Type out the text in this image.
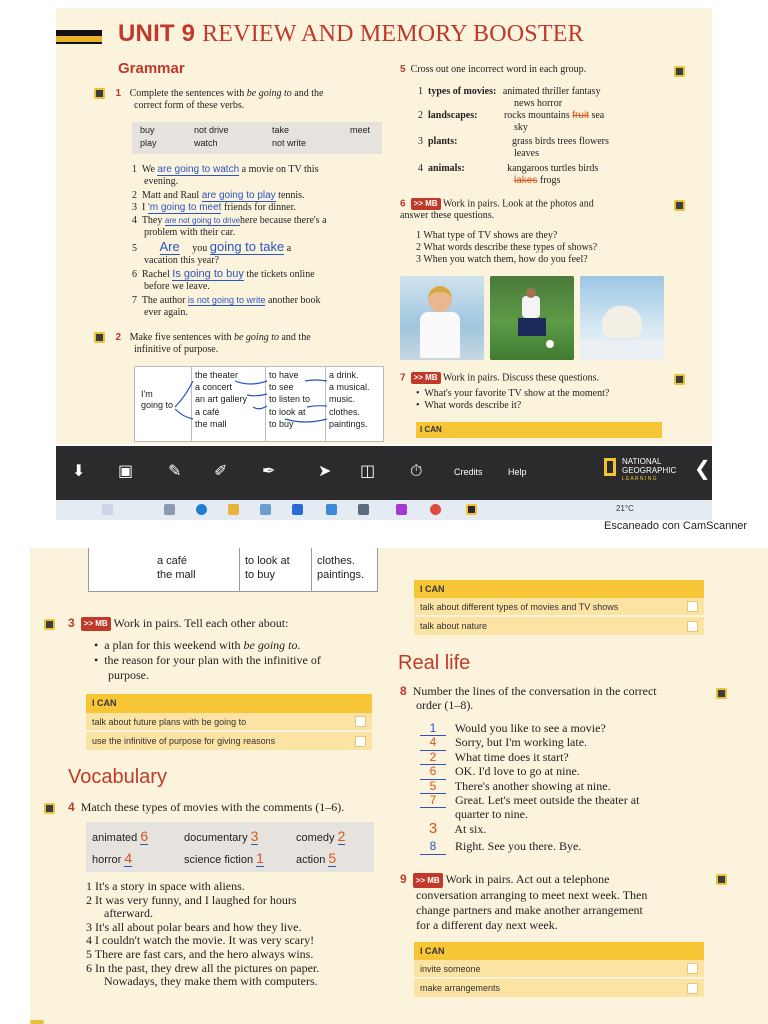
UNIT 9 REVIEW AND MEMORY BOOSTER
Grammar
1 Complete the sentences with be going to and the
correct form of these verbs.
buy	not drive	take	meet
play	watch	not write
1 We are going to watch a movie on TV this
evening.
2 Matt and Raul are going to play tennis.
3 I 'm going to meet friends for dinner.
4 They are not going to drivehere because there's a
problem with their car.
5 Are you going to take a
vacation this year?
6 Rachel Is going to buy the tickets online
before we leave.
7 The author is not going to write another book
ever again.
2 Make five sentences with be going to and the
infinitive of purpose.
I'm
going to
the theater
a concert
an art gallery
a café
the mall
to have
to see
to listen to
to look at
to buy
a drink.
a musical.
music.
clothes.
paintings.
5 Cross out one incorrect word in each group.
1 types of movies: animated thriller fantasy
news horror
2 landscapes:	rocks mountains fruit sea
sky
3 plants:	grass birds trees flowers
leaves
4 animals:	kangaroos turtles birds
lakes frogs
6 >> MB Work in pairs. Look at the photos and
answer these questions.
1 What type of TV shows are they?
2 What words describe these types of shows?
3 When you watch them, how do you feel?
7 >> MB Work in pairs. Discuss these questions.
•  What's your favorite TV show at the moment?
•  What words describe it?
I CAN
⬇ ▣ ✎ ✐ ✒	➤ ◫ ⏱	Credits	Help
NATIONAL
GEOGRAPHIC
L E A R N I N G	❮
21°C
Escaneado con CamScanner
a café
the mall
to look at
to buy
clothes.
paintings.
I CAN
talk about different types of movies and TV shows
talk about nature
3 >> MB Work in pairs. Tell each other about:
•  a plan for this weekend with be going to.
•  the reason for your plan with the infinitive of
purpose.
I CAN
talk about future plans with be going to
use the infinitive of purpose for giving reasons
Real life
8 Number the lines of the conversation in the correct
order (1–8).
1 Would you like to see a movie?
4 Sorry, but I'm working late.
2 What time does it start?
6 OK. I'd love to go at nine.
5 There's another showing at nine.
7 Great. Let's meet outside the theater at
quarter to nine.
3 At six.
8 Right. See you there. Bye.
Vocabulary
4 Match these types of movies with the comments (1–6).
animated 6	documentary 3	comedy 2
horror 4	science fiction 1	action 5
1 It's a story in space with aliens.
2 It was very funny, and I laughed for hours
afterward.
3 It's all about polar bears and how they live.
4 I couldn't watch the movie. It was very scary!
5 There are fast cars, and the hero always wins.
6 In the past, they drew all the pictures on paper.
Nowadays, they make them with computers.
9 >> MB Work in pairs. Act out a telephone
conversation arranging to meet next week. Then
change partners and make another arrangement
for a different day next week.
I CAN
invite someone
make arrangements
